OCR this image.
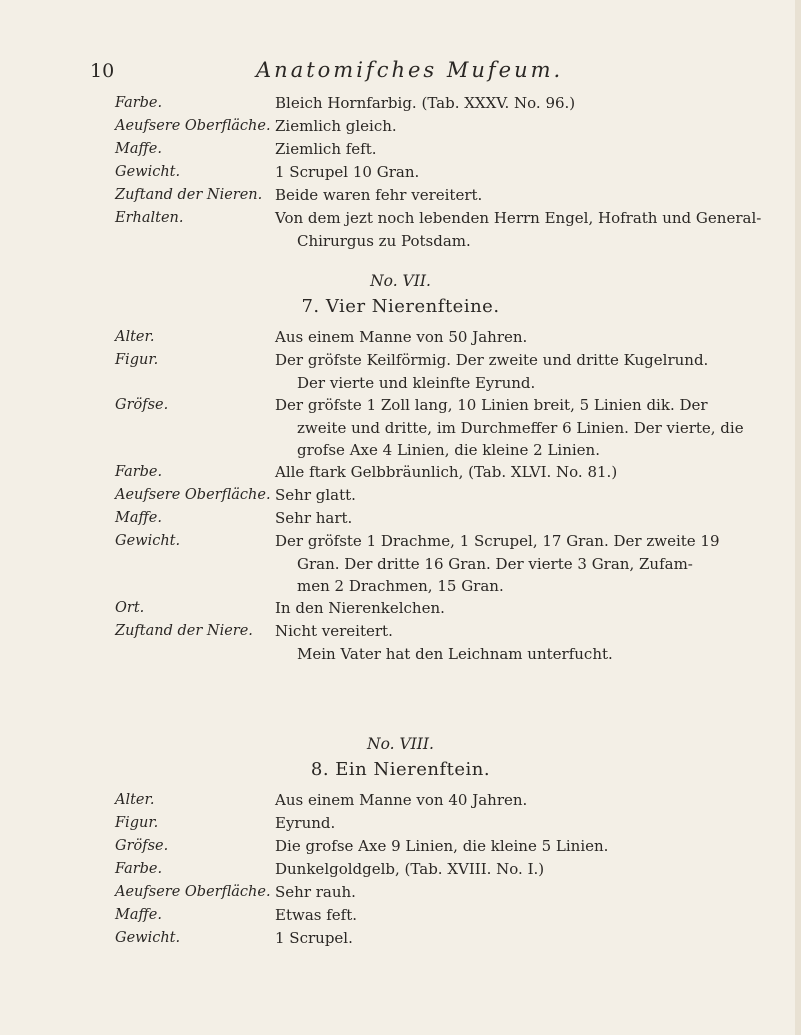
10	Anatomifches Mufeum.
Farbe.	Bleich Hornfarbig. (Tab. XXXV. No. 96.)
Aeufsere Oberfläche. Ziemlich gleich.
Maffe.	Ziemlich feft.
Gewicht.	1 Scrupel 10 Gran.
Zuftand der Nieren. Beide waren fehr vereitert.
Erhalten.	Von dem jezt noch lebenden Herrn Engel, Hofrath und General-
Chirurgus zu Potsdam.
No. VII.
7. Vier Nierenfteine.
Alter.	Aus einem Manne von 50 Jahren.
Figur.	Der gröfste Keilförmig. Der zweite und dritte Kugelrund.
Der vierte und kleinfte Eyrund.
Gröfse.	Der gröfste 1 Zoll lang, 10 Linien breit, 5 Linien dik. Der
zweite und dritte, im Durchmeffer 6 Linien. Der vierte, die
grofse Axe 4 Linien, die kleine 2 Linien.
Farbe.	Alle ftark Gelbbräunlich, (Tab. XLVI. No. 81.)
Aeufsere Oberfläche. Sehr glatt.
Maffe.	Sehr hart.
Gewicht.	Der gröfste 1 Drachme, 1 Scrupel, 17 Gran. Der zweite 19
Gran. Der dritte 16 Gran. Der vierte 3 Gran, Zufam-
men 2 Drachmen, 15 Gran.
Ort.	In den Nierenkelchen.
Zuftand der Niere.	Nicht vereitert.
Mein Vater hat den Leichnam unterfucht.
No. VIII.
8. Ein Nierenftein.
Alter.	Aus einem Manne von 40 Jahren.
Figur.	Eyrund.
Gröfse.	Die grofse Axe 9 Linien, die kleine 5 Linien.
Farbe.	Dunkelgoldgelb, (Tab. XVIII. No. I.)
Aeufsere Oberfläche. Sehr rauh.
Maffe.	Etwas feft.
Gewicht.	1 Scrupel.
